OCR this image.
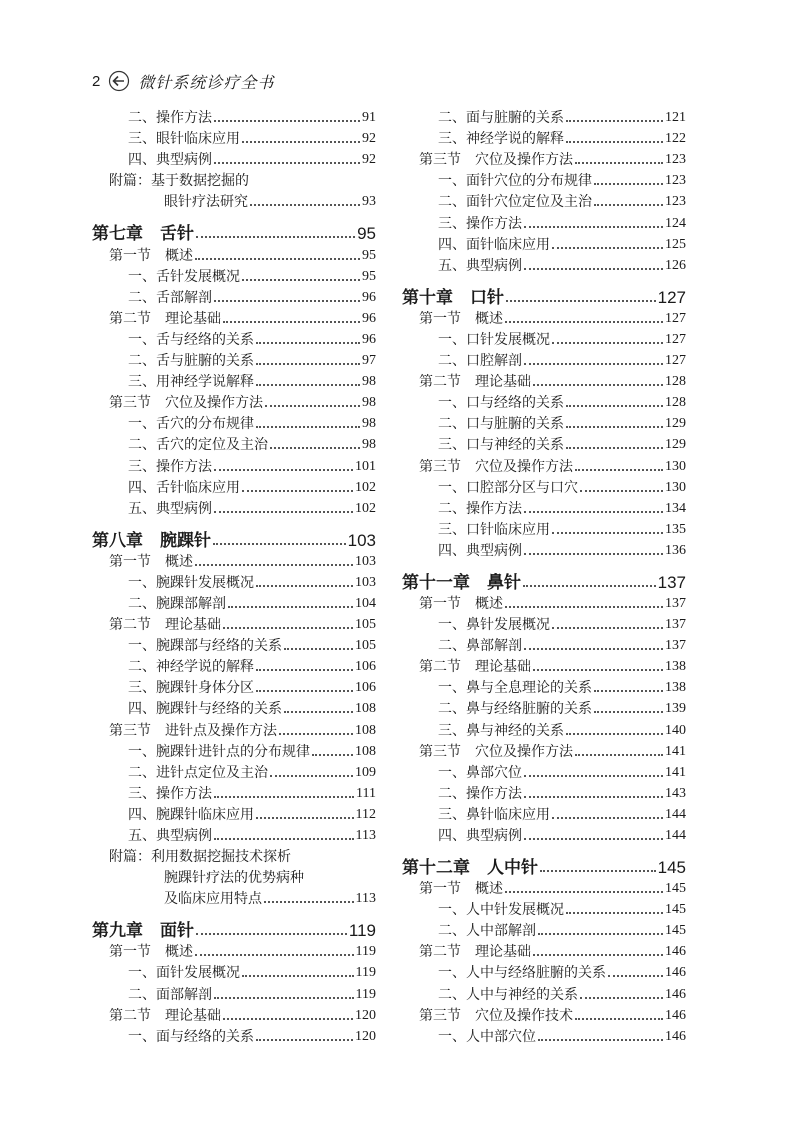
2 微针系统诊疗全书
二、操作方法	91
三、眼针临床应用	92
四、典型病例	92
附篇：基于数据挖掘的
眼针疗法研究	93
第七章　舌针	95
第一节　概述	95
一、舌针发展概况	95
二、舌部解剖	96
第二节　理论基础	96
一、舌与经络的关系	96
二、舌与脏腑的关系	97
三、用神经学说解释	98
第三节　穴位及操作方法	98
一、舌穴的分布规律	98
二、舌穴的定位及主治	98
三、操作方法	101
四、舌针临床应用	102
五、典型病例	102
第八章　腕踝针	103
第一节　概述	103
一、腕踝针发展概况	103
二、腕踝部解剖	104
第二节　理论基础	105
一、腕踝部与经络的关系	105
二、神经学说的解释	106
三、腕踝针身体分区	106
四、腕踝针与经络的关系	108
第三节　进针点及操作方法	108
一、腕踝针进针点的分布规律	108
二、进针点定位及主治	109
三、操作方法	111
四、腕踝针临床应用	112
五、典型病例	113
附篇：利用数据挖掘技术探析
腕踝针疗法的优势病种
及临床应用特点	113
第九章　面针	119
第一节　概述	119
一、面针发展概况	119
二、面部解剖	119
第二节　理论基础	120
一、面与经络的关系	120
二、面与脏腑的关系	121
三、神经学说的解释	122
第三节　穴位及操作方法	123
一、面针穴位的分布规律	123
二、面针穴位定位及主治	123
三、操作方法	124
四、面针临床应用	125
五、典型病例	126
第十章　口针	127
第一节　概述	127
一、口针发展概况	127
二、口腔解剖	127
第二节　理论基础	128
一、口与经络的关系	128
二、口与脏腑的关系	129
三、口与神经的关系	129
第三节　穴位及操作方法	130
一、口腔部分区与口穴	130
二、操作方法	134
三、口针临床应用	135
四、典型病例	136
第十一章　鼻针	137
第一节　概述	137
一、鼻针发展概况	137
二、鼻部解剖	137
第二节　理论基础	138
一、鼻与全息理论的关系	138
二、鼻与经络脏腑的关系	139
三、鼻与神经的关系	140
第三节　穴位及操作方法	141
一、鼻部穴位	141
二、操作方法	143
三、鼻针临床应用	144
四、典型病例	144
第十二章　人中针	145
第一节　概述	145
一、人中针发展概况	145
二、人中部解剖	145
第二节　理论基础	146
一、人中与经络脏腑的关系	146
二、人中与神经的关系	146
第三节　穴位及操作技术	146
一、人中部穴位	146
